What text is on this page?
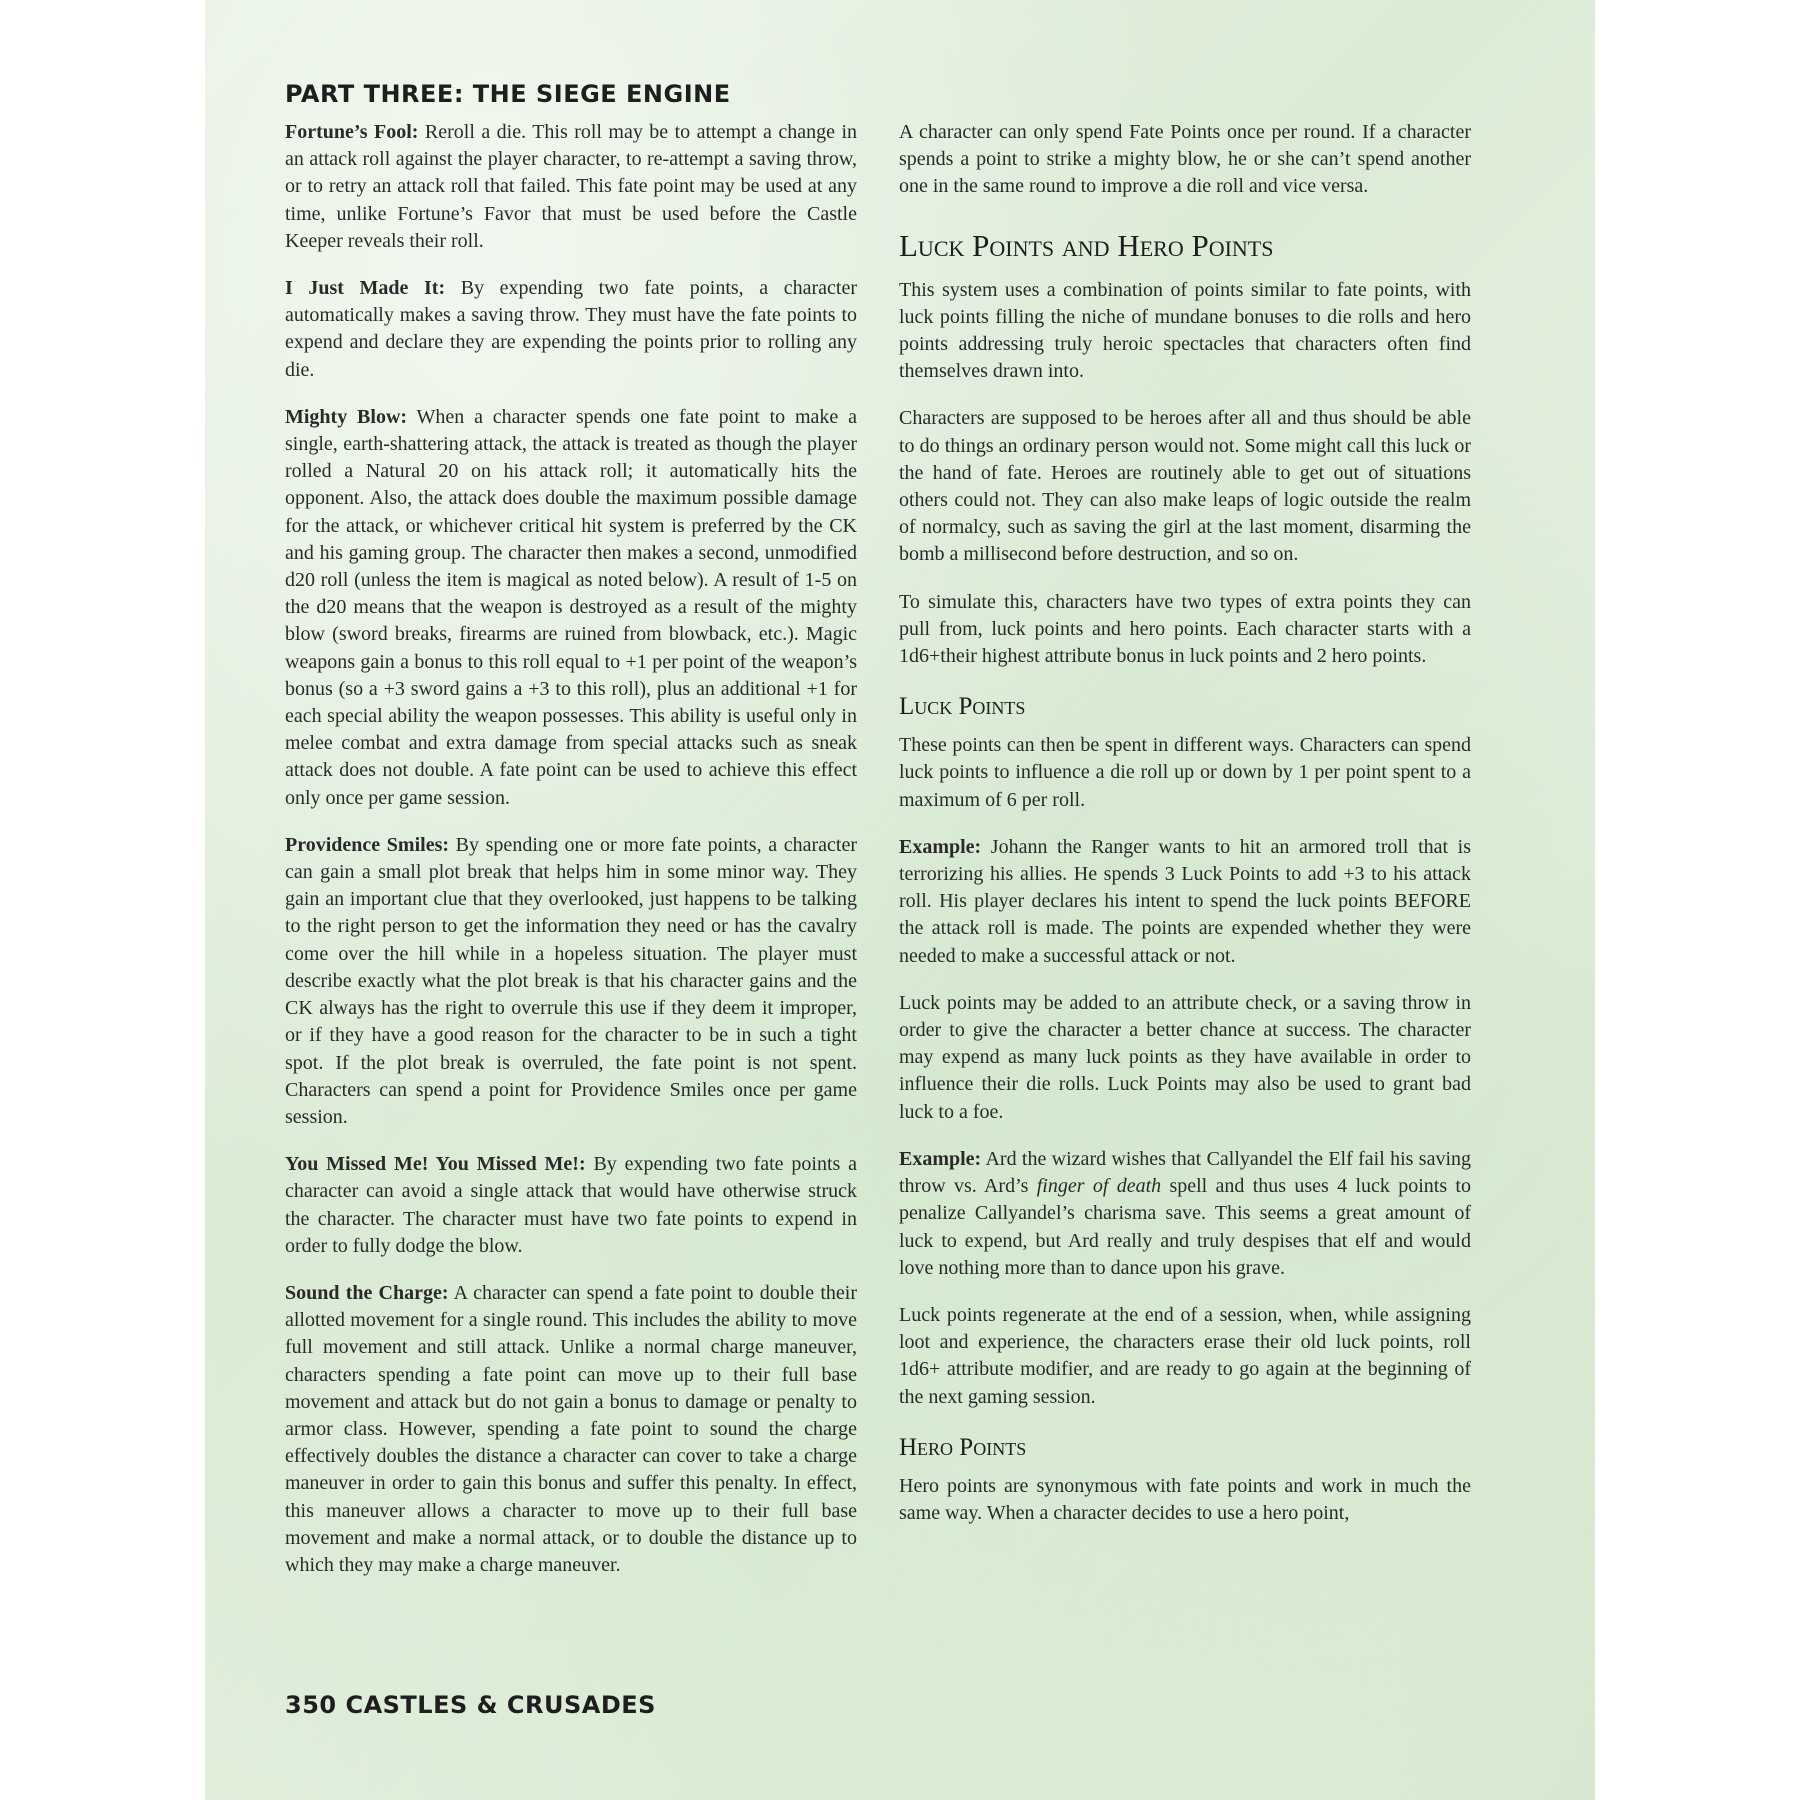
PART THREE: THE SIEGE ENGINE

Fortune’s Fool: Reroll a die. This roll may be to attempt a change in an attack roll against the player character, to re-attempt a saving throw, or to retry an attack roll that failed. This fate point may be used at any time, unlike Fortune’s Favor that must be used before the Castle Keeper reveals their roll.

I Just Made It: By expending two fate points, a character automatically makes a saving throw. They must have the fate points to expend and declare they are expending the points prior to rolling any die.

Mighty Blow: When a character spends one fate point to make a single, earth-shattering attack, the attack is treated as though the player rolled a Natural 20 on his attack roll; it automatically hits the opponent. Also, the attack does double the maximum possible damage for the attack, or whichever critical hit system is preferred by the CK and his gaming group. The character then makes a second, unmodified d20 roll (unless the item is magical as noted below). A result of 1-5 on the d20 means that the weapon is destroyed as a result of the mighty blow (sword breaks, firearms are ruined from blowback, etc.). Magic weapons gain a bonus to this roll equal to +1 per point of the weapon’s bonus (so a +3 sword gains a +3 to this roll), plus an additional +1 for each special ability the weapon possesses. This ability is useful only in melee combat and extra damage from special attacks such as sneak attack does not double. A fate point can be used to achieve this effect only once per game session.

Providence Smiles: By spending one or more fate points, a character can gain a small plot break that helps him in some minor way. They gain an important clue that they overlooked, just happens to be talking to the right person to get the information they need or has the cavalry come over the hill while in a hopeless situation. The player must describe exactly what the plot break is that his character gains and the CK always has the right to overrule this use if they deem it improper, or if they have a good reason for the character to be in such a tight spot. If the plot break is overruled, the fate point is not spent. Characters can spend a point for Providence Smiles once per game session.

You Missed Me! You Missed Me!: By expending two fate points a character can avoid a single attack that would have otherwise struck the character. The character must have two fate points to expend in order to fully dodge the blow.

Sound the Charge: A character can spend a fate point to double their allotted movement for a single round. This includes the ability to move full movement and still attack. Unlike a normal charge maneuver, characters spending a fate point can move up to their full base movement and attack but do not gain a bonus to damage or penalty to armor class. However, spending a fate point to sound the charge effectively doubles the distance a character can cover to take a charge maneuver in order to gain this bonus and suffer this penalty. In effect, this maneuver allows a character to move up to their full base movement and make a normal attack, or to double the distance up to which they may make a charge maneuver.

A character can only spend Fate Points once per round. If a character spends a point to strike a mighty blow, he or she can’t spend another one in the same round to improve a die roll and vice versa.

Luck Points and Hero Points

This system uses a combination of points similar to fate points, with luck points filling the niche of mundane bonuses to die rolls and hero points addressing truly heroic spectacles that characters often find themselves drawn into.

Characters are supposed to be heroes after all and thus should be able to do things an ordinary person would not. Some might call this luck or the hand of fate. Heroes are routinely able to get out of situations others could not. They can also make leaps of logic outside the realm of normalcy, such as saving the girl at the last moment, disarming the bomb a millisecond before destruction, and so on.

To simulate this, characters have two types of extra points they can pull from, luck points and hero points. Each character starts with a 1d6+their highest attribute bonus in luck points and 2 hero points.

Luck Points

These points can then be spent in different ways. Characters can spend luck points to influence a die roll up or down by 1 per point spent to a maximum of 6 per roll.

Example: Johann the Ranger wants to hit an armored troll that is terrorizing his allies. He spends 3 Luck Points to add +3 to his attack roll. His player declares his intent to spend the luck points BEFORE the attack roll is made. The points are expended whether they were needed to make a successful attack or not.

Luck points may be added to an attribute check, or a saving throw in order to give the character a better chance at success. The character may expend as many luck points as they have available in order to influence their die rolls. Luck Points may also be used to grant bad luck to a foe.

Example: Ard the wizard wishes that Callyandel the Elf fail his saving throw vs. Ard’s finger of death spell and thus uses 4 luck points to penalize Callyandel’s charisma save. This seems a great amount of luck to expend, but Ard really and truly despises that elf and would love nothing more than to dance upon his grave.

Luck points regenerate at the end of a session, when, while assigning loot and experience, the characters erase their old luck points, roll 1d6+ attribute modifier, and are ready to go again at the beginning of the next gaming session.

Hero Points

Hero points are synonymous with fate points and work in much the same way. When a character decides to use a hero point,

350 CASTLES & CRUSADES
